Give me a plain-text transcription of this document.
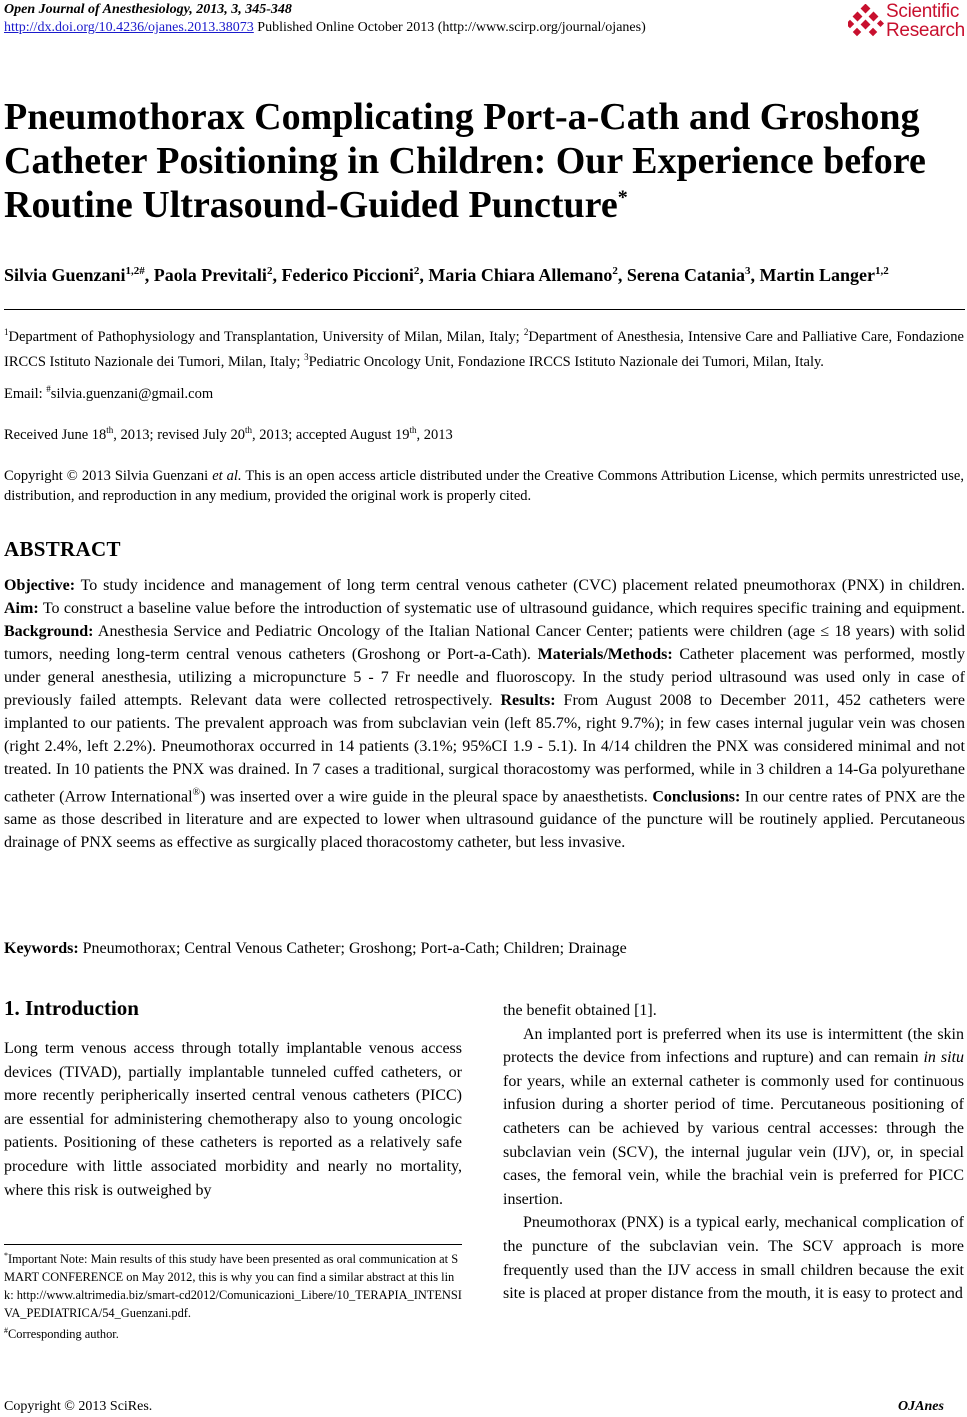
Open Journal of Anesthesiology, 2013, 3, 345-348
http://dx.doi.org/10.4236/ojanes.2013.38073 Published Online October 2013 (http://www.scirp.org/journal/ojanes)
Scientific
Research
Pneumothorax Complicating Port-a-Cath and Groshong Catheter Positioning in Children: Our Experience before Routine Ultrasound-Guided Puncture*
Silvia Guenzani$^{1,2\#}$, Paola Previtali$^2$, Federico Piccioni$^2$, Maria Chiara Allemano$^2$, Serena Catania$^3$, Martin Langer$^{1,2}$
$^1$Department of Pathophysiology and Transplantation, University of Milan, Milan, Italy; $^2$Department of Anesthesia, Intensive Care and Palliative Care, Fondazione IRCCS Istituto Nazionale dei Tumori, Milan, Italy; $^3$Pediatric Oncology Unit, Fondazione IRCCS Istituto Nazionale dei Tumori, Milan, Italy.
Email: #silvia.guenzani@gmail.com
Received June 18th, 2013; revised July 20th, 2013; accepted August 19th, 2013
Copyright © 2013 Silvia Guenzani et al. This is an open access article distributed under the Creative Commons Attribution License, which permits unrestricted use, distribution, and reproduction in any medium, provided the original work is properly cited.
ABSTRACT
Objective: To study incidence and management of long term central venous catheter (CVC) placement related pneumothorax (PNX) in children. Aim: To construct a baseline value before the introduction of systematic use of ultrasound guidance, which requires specific training and equipment. Background: Anesthesia Service and Pediatric Oncology of the Italian National Cancer Center; patients were children (age ≤ 18 years) with solid tumors, needing long-term central venous catheters (Groshong or Port-a-Cath). Materials/Methods: Catheter placement was performed, mostly under general anesthesia, utilizing a micropuncture 5 - 7 Fr needle and fluoroscopy. In the study period ultrasound was used only in case of previously failed attempts. Relevant data were collected retrospectively. Results: From August 2008 to December 2011, 452 catheters were implanted to our patients. The prevalent approach was from subclavian vein (left 85.7%, right 9.7%); in few cases internal jugular vein was chosen (right 2.4%, left 2.2%). Pneumothorax occurred in 14 patients (3.1%; 95%CI 1.9 - 5.1). In 4/14 children the PNX was considered minimal and not treated. In 10 patients the PNX was drained. In 7 cases a traditional, surgical thoracostomy was performed, while in 3 children a 14-Ga polyurethane catheter (Arrow International®) was inserted over a wire guide in the pleural space by anaesthetists. Conclusions: In our centre rates of PNX are the same as those described in literature and are expected to lower when ultrasound guidance of the puncture will be routinely applied. Percutaneous drainage of PNX seems as effective as surgically placed thoracostomy catheter, but less invasive.
Keywords: Pneumothorax; Central Venous Catheter; Groshong; Port-a-Cath; Children; Drainage
1. Introduction
Long term venous access through totally implantable venous access devices (TIVAD), partially implantable tunneled cuffed catheters, or more recently peripherically inserted central venous catheters (PICC) are essential for administering chemotherapy also to young oncologic patients. Positioning of these catheters is reported as a relatively safe procedure with little associated morbidity and nearly no mortality, where this risk is outweighed by

the benefit obtained [1].

An implanted port is preferred when its use is intermittent (the skin protects the device from infections and rupture) and can remain in situ for years, while an external catheter is commonly used for continuous infusion during a shorter period of time. Percutaneous positioning of catheters can be achieved by various central accesses: through the subclavian vein (SCV), the internal jugular vein (IJV), or, in special cases, the femoral vein, while the brachial vein is preferred for PICC insertion.

Pneumothorax (PNX) is a typical early, mechanical complication of the puncture of the subclavian vein. The SCV approach is more frequently used than the IJV access in small children because the exit site is placed at proper distance from the mouth, it is easy to protect and

*Important Note: Main results of this study have been presented as oral communication at SMART CONFERENCE on May 2012, this is why you can find a similar abstract at this link: http://www.altrimedia.biz/smart-cd2012/Comunicazioni_Libere/10_TERAPIA_INTENSIVA_PEDIATRICA/54_Guenzani.pdf.
#Corresponding author.
Copyright © 2013 SciRes.	OJAnes
